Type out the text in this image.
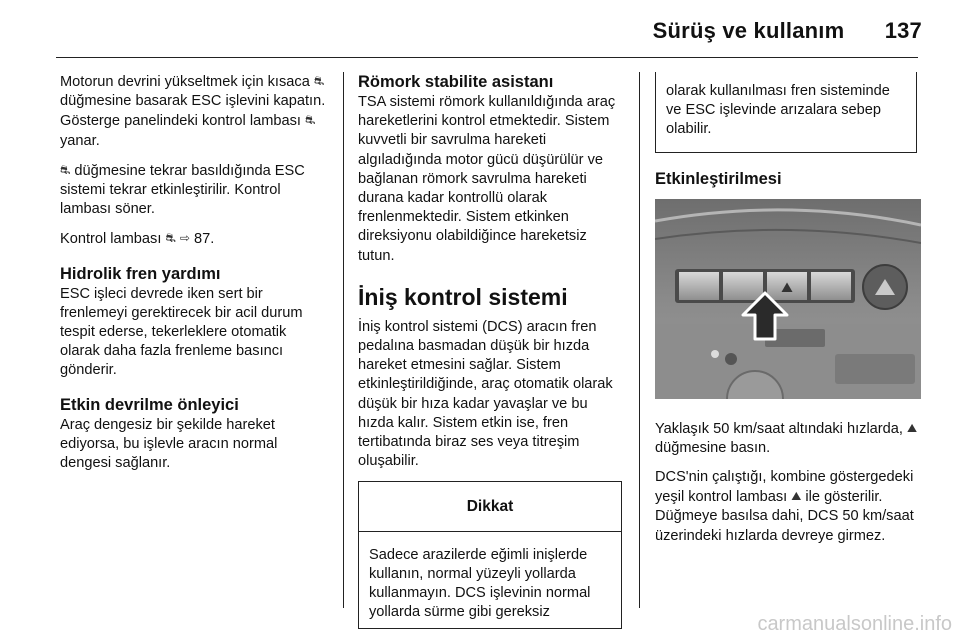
Sürüş ve kullanım 137

Motorun devrini yükseltmek için kısaca ⛐ düğmesine basarak ESC işlevini kapatın. Gösterge panelindeki kontrol lambası ⛐ yanar.

⛐ düğmesine tekrar basıldığında ESC sistemi tekrar etkinleştirilir. Kontrol lambası söner.

Kontrol lambası ⛐ ⇨ 87.

Hidrolik fren yardımı

ESC işleci devrede iken sert bir frenlemeyi gerektirecek bir acil durum tespit ederse, tekerleklere otomatik olarak daha fazla frenleme basıncı gönderir.

Etkin devrilme önleyici

Araç dengesiz bir şekilde hareket ediyorsa, bu işlevle aracın normal dengesi sağlanır.

Römork stabilite asistanı

TSA sistemi römork kullanıldığında araç hareketlerini kontrol etmektedir. Sistem kuvvetli bir savrulma hareketi algıladığında motor gücü düşürülür ve bağlanan römork savrulma hareketi durana kadar kontrollü olarak frenlenmektedir. Sistem etkinken direksiyonu olabildiğince hareketsiz tutun.

İniş kontrol sistemi

İniş kontrol sistemi (DCS) aracın fren pedalına basmadan düşük bir hızda hareket etmesini sağlar. Sistem etkinleştirildiğinde, araç otomatik olarak düşük bir hıza kadar yavaşlar ve bu hızda kalır. Sistem etkin ise, fren tertibatında biraz ses veya titreşim oluşabilir.

Dikkat
Sadece arazilerde eğimli inişlerde kullanın, normal yüzeyli yollarda kullanmayın. DCS işlevinin normal yollarda sürme gibi gereksiz
olarak kullanılması fren sisteminde ve ESC işlevinde arızalara sebep olabilir.
Etkinleştirilmesi
⛰

Yaklaşık 50 km/saat altındaki hızlarda, ⛰ düğmesine basın.

DCS'nin çalıştığı, kombine göstergedeki yeşil kontrol lambası ⛰ ile gösterilir. Düğmeye basılsa dahi, DCS 50 km/saat üzerindeki hızlarda devreye girmez.

carmanualsonline.info
